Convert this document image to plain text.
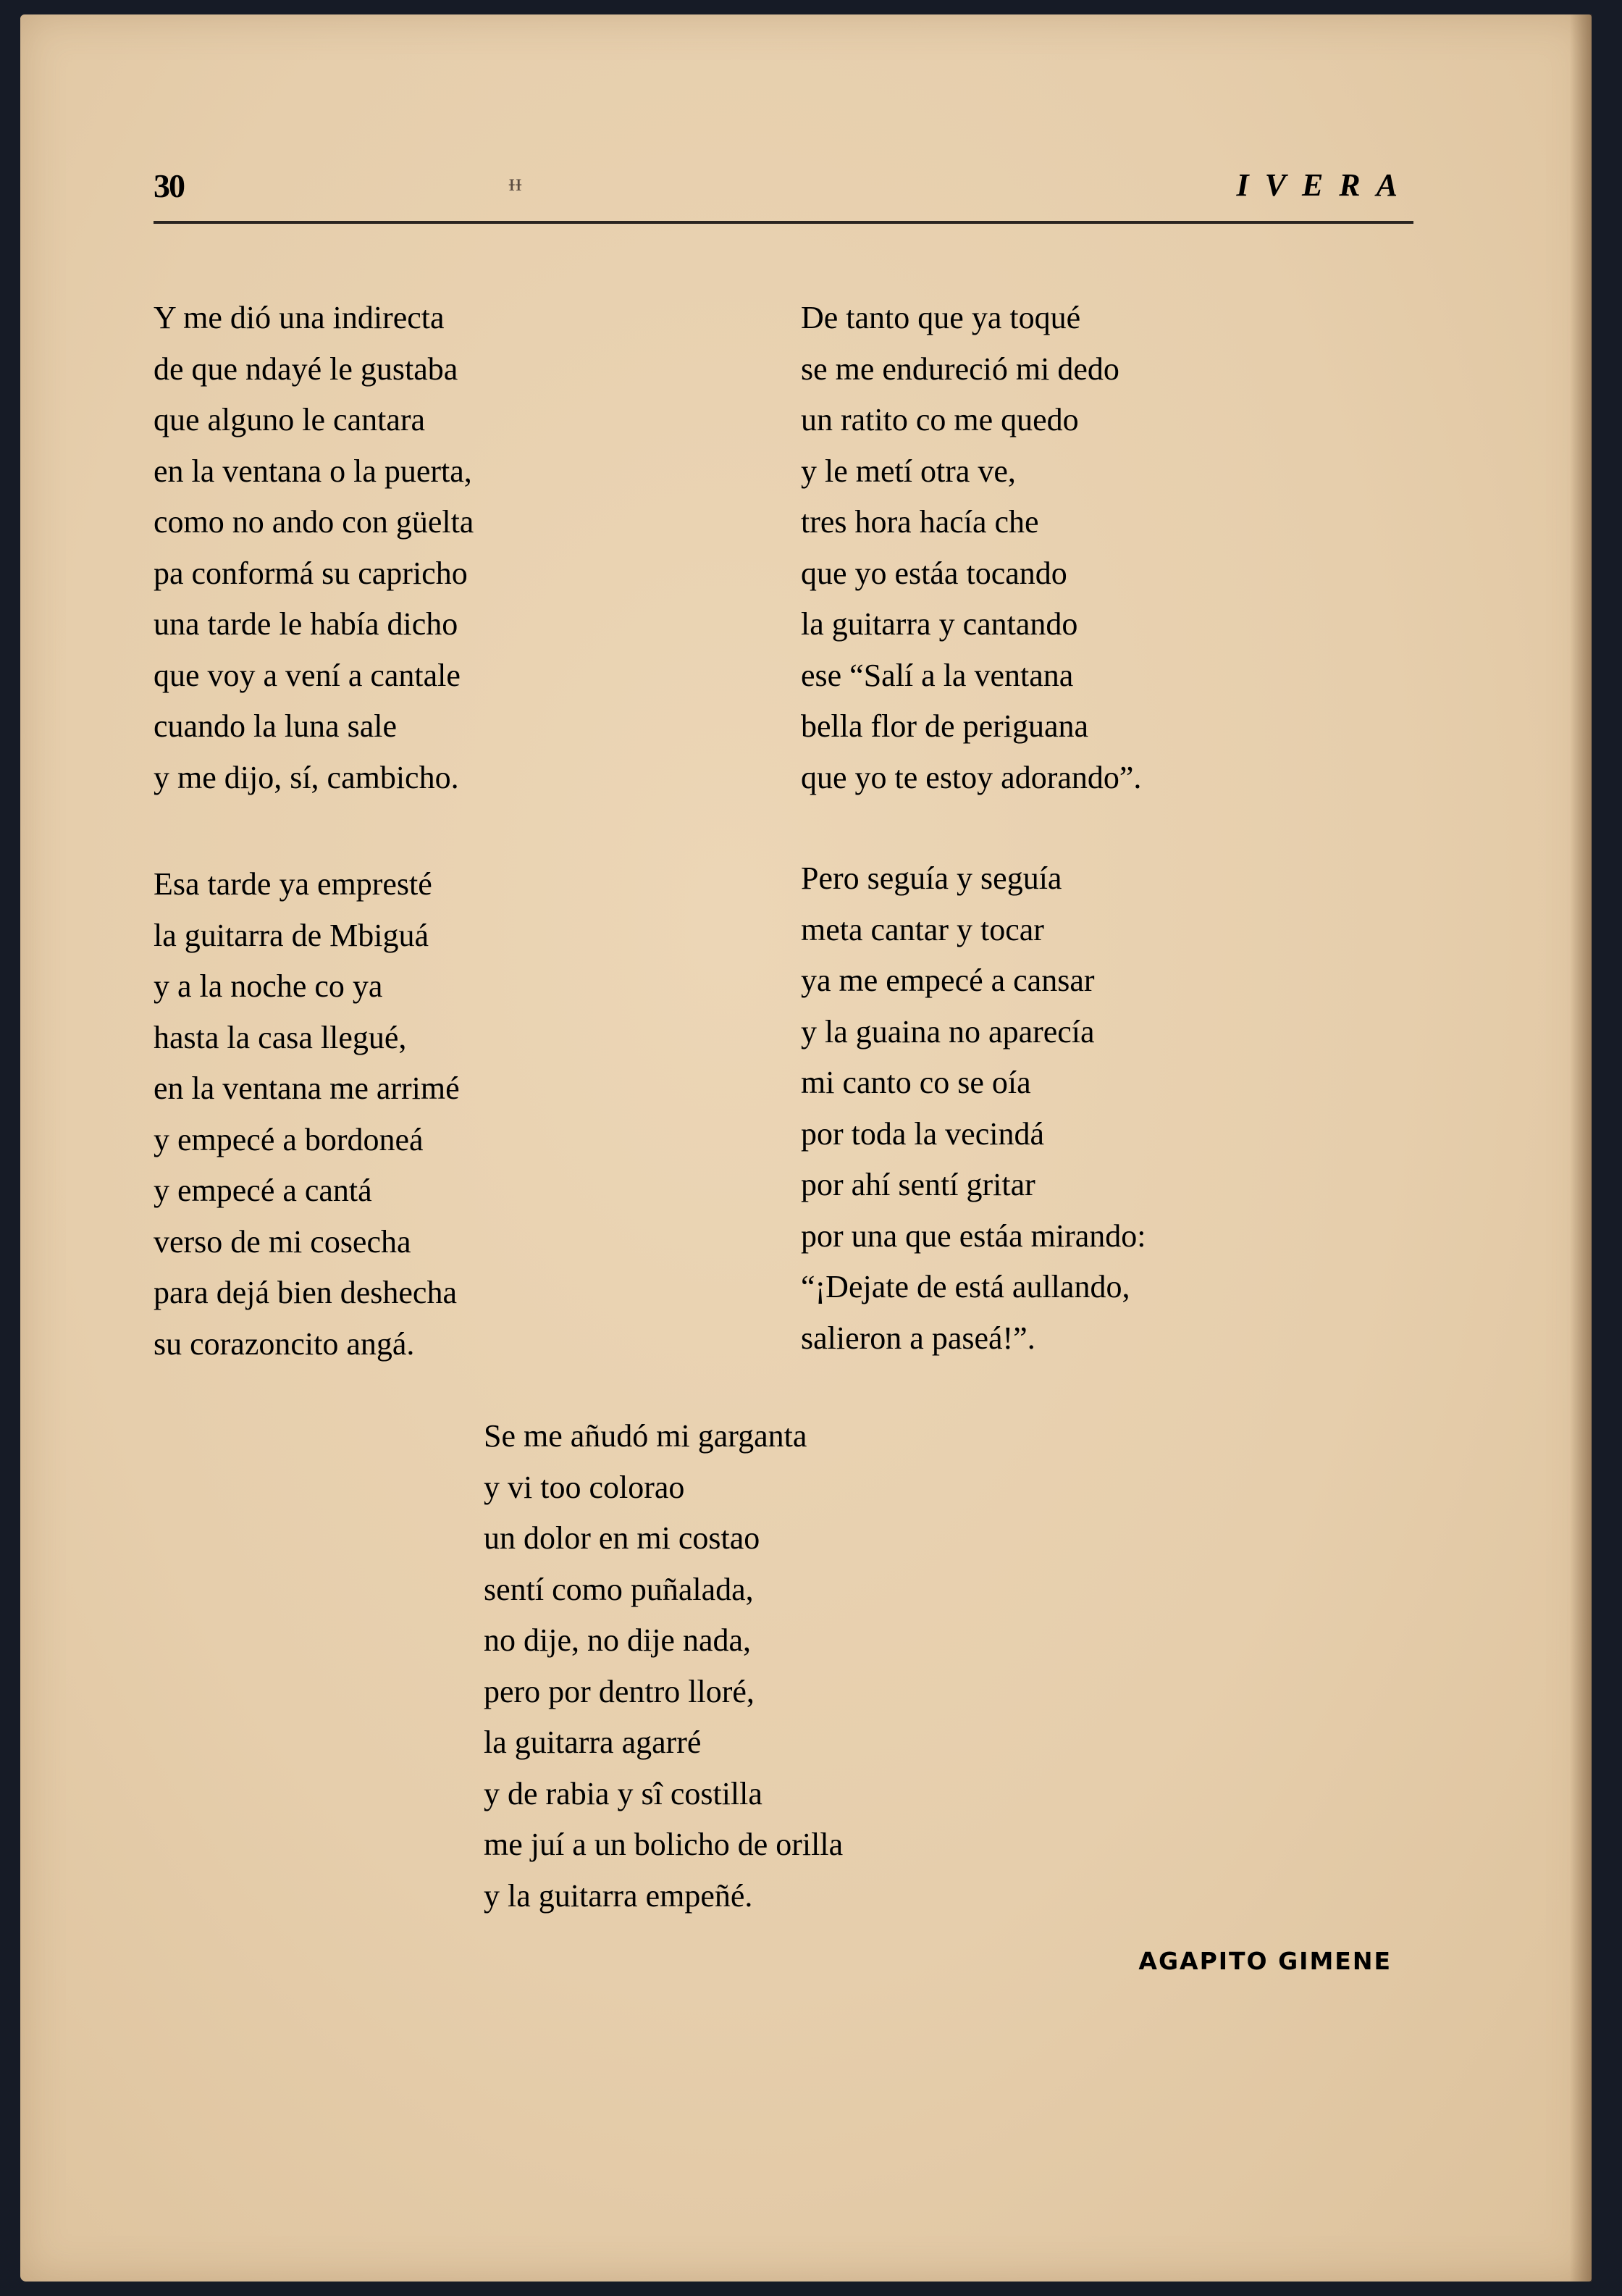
30	ᵻᵻ	IVERA
Y me dió una indirecta
de que ndayé le gustaba
que alguno le cantara
en la ventana o la puerta,
como no ando con güelta
pa conformá su capricho
una tarde le había dicho
que voy a vení a cantale
cuando la luna sale
y me dijo, sí, cambicho.
Esa tarde ya empresté
la guitarra de Mbiguá
y a la noche co ya
hasta la casa llegué,
en la ventana me arrimé
y empecé a bordoneá
y empecé a cantá
verso de mi cosecha
para dejá bien deshecha
su corazoncito angá.
De tanto que ya toqué
se me endureció mi dedo
un ratito co me quedo
y le metí otra ve,
tres hora hacía che
que yo estáa tocando
la guitarra y cantando
ese “Salí a la ventana
bella flor de periguana
que yo te estoy adorando”.
Pero seguía y seguía
meta cantar y tocar
ya me empecé a cansar
y la guaina no aparecía
mi canto co se oía
por toda la vecindá
por ahí sentí gritar
por una que estáa mirando:
“¡Dejate de está aullando,
salieron a paseá!”.
Se me añudó mi garganta
y vi too colorao
un dolor en mi costao
sentí como puñalada,
no dije, no dije nada,
pero por dentro lloré,
la guitarra agarré
y de rabia y sî costilla
me juí a un bolicho de orilla
y la guitarra empeñé.
AGAPITO GIMENE
